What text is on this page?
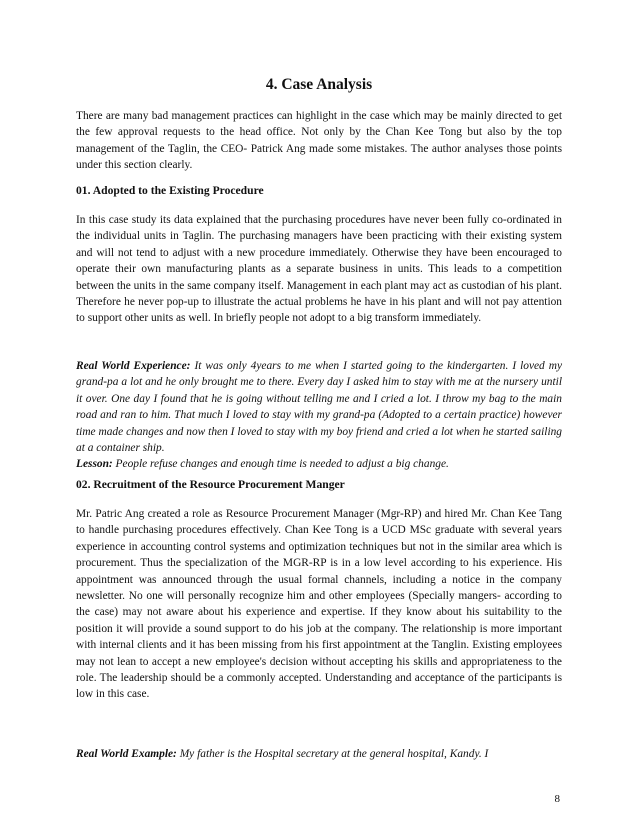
4. Case Analysis
There are many bad management practices can highlight in the case which may be mainly directed to get the few approval requests to the head office. Not only by the Chan Kee Tong but also by the top management of the Taglin, the CEO- Patrick Ang made some mistakes. The author analyses those points under this section clearly.
01. Adopted to the Existing Procedure
In this case study its data explained that the purchasing procedures have never been fully co-ordinated in the individual units in Taglin. The purchasing managers have been practicing with their existing system and will not tend to adjust with a new procedure immediately. Otherwise they have been encouraged to operate their own manufacturing plants as a separate business in units. This leads to a competition between the units in the same company itself. Management in each plant may act as custodian of his plant. Therefore he never pop-up to illustrate the actual problems he have in his plant and will not pay attention to support other units as well. In briefly people not adopt to a big transform immediately.
Real World Experience: It was only 4years to me when I started going to the kindergarten. I loved my grand-pa a lot and he only brought me to there. Every day I asked him to stay with me at the nursery until it over. One day I found that he is going without telling me and I cried a lot. I throw my bag to the main road and ran to him. That much I loved to stay with my grand-pa (Adopted to a certain practice) however time made changes and now then I loved to stay with my boy friend and cried a lot when he started sailing at a container ship.
Lesson: People refuse changes and enough time is needed to adjust a big change.
02. Recruitment of the Resource Procurement Manger
Mr. Patric Ang created a role as Resource Procurement Manager (Mgr-RP) and hired Mr. Chan Kee Tang to handle purchasing procedures effectively. Chan Kee Tong is a UCD MSc graduate with several years experience in accounting control systems and optimization techniques but not in the similar area which is procurement. Thus the specialization of the MGR-RP is in a low level according to his experience. His appointment was announced through the usual formal channels, including a notice in the company newsletter. No one will personally recognize him and other employees (Specially mangers- according to the case) may not aware about his experience and expertise. If they know about his suitability to the position it will provide a sound support to do his job at the company. The relationship is more important with internal clients and it has been missing from his first appointment at the Tanglin. Existing employees may not lean to accept a new employee's decision without accepting his skills and appropriateness to the role. The leadership should be a commonly accepted. Understanding and acceptance of the participants is low in this case.
Real World Example: My father is the Hospital secretary at the general hospital, Kandy. I
8
